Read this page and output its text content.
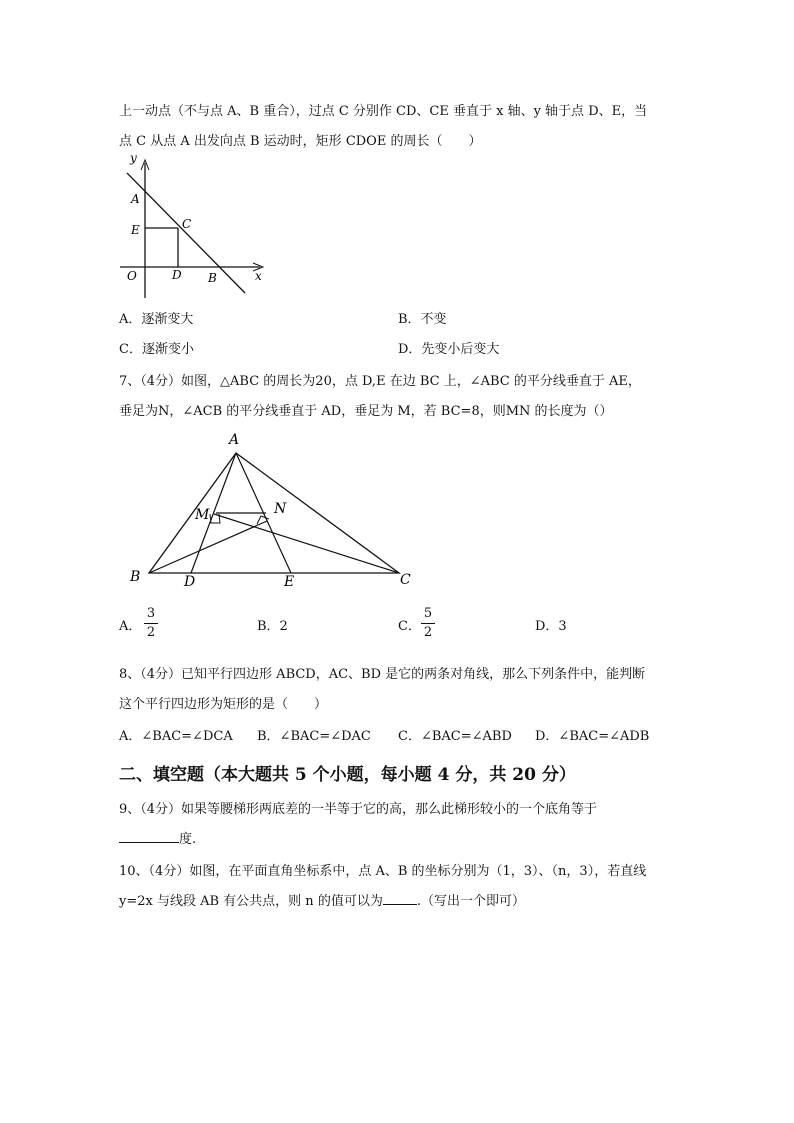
上一动点（不与点 A、B 重合），过点 C 分别作 CD、CE 垂直于 x 轴、y 轴于点 D、E，当
点 C 从点 A 出发向点 B 运动时，矩形 CDOE 的周长（　　）
y
x
O
A
E	C
D B
A．逐渐变大	B．不变
C．逐渐变小	D．先变小后变大
7、（4分）如图，△ABC 的周长为20，点 D,E 在边 BC 上，∠ABC 的平分线垂直于 AE，
垂足为N，∠ACB 的平分线垂直于 AD，垂足为 M，若 BC=8，则MN 的长度为（）
A
B	C
D	E
M	N
A．
3
2	B．2	C．
5
2	D．3
8、（4分）已知平行四边形 ABCD，AC、BD 是它的两条对角线，那么下列条件中，能判断
这个平行四边形为矩形的是（　　）
A．∠BAC=∠DCA B．∠BAC=∠DAC C．∠BAC=∠ABD D．∠BAC=∠ADB
二、填空题（本大题共 5 个小题，每小题 4 分，共 20 分）
9、（4分）如果等腰梯形两底差的一半等于它的高，那么此梯形较小的一个底角等于
度.
10、（4分）如图，在平面直角坐标系中，点 A、B 的坐标分别为（1，3）、（n，3），若直线
y=2x 与线段 AB 有公共点，则 n 的值可以为	.（写出一个即可）
